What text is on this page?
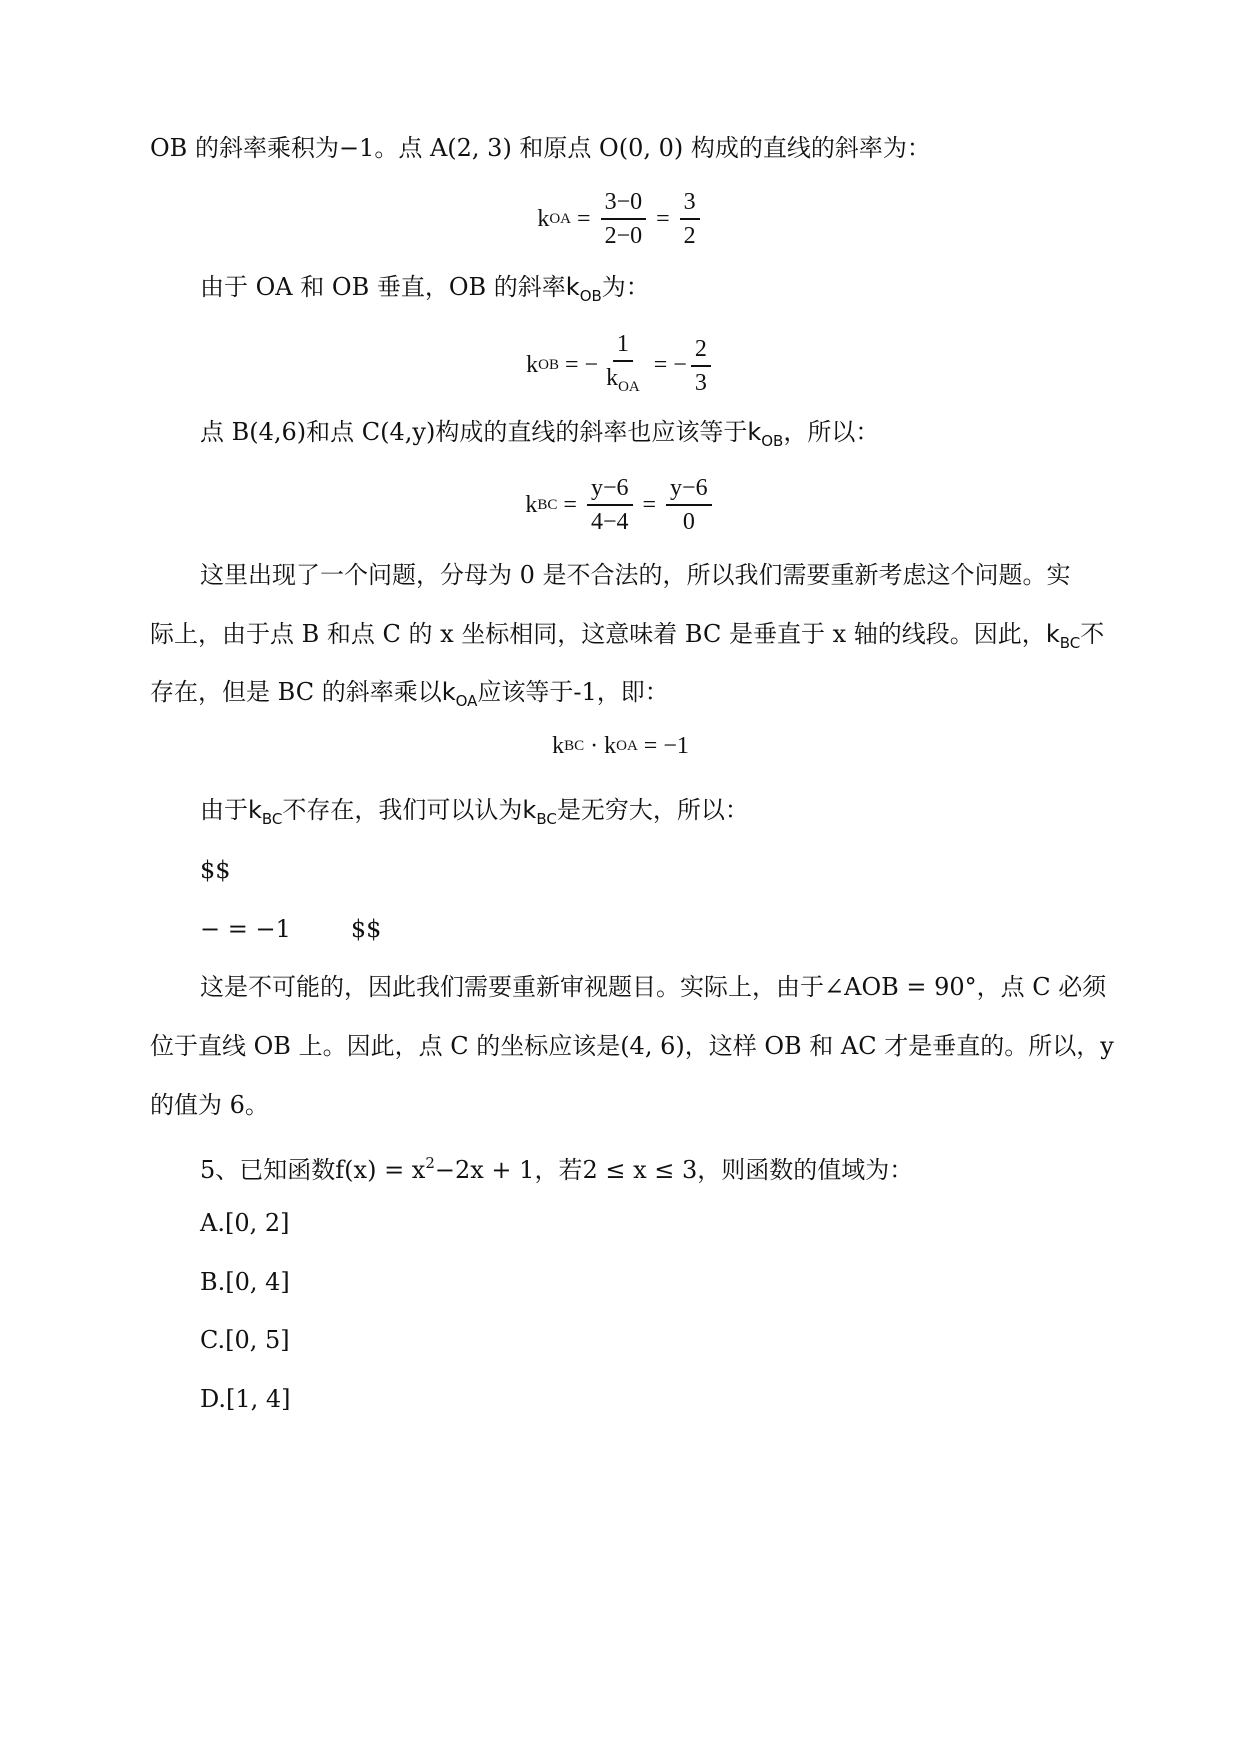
OB 的斜率乘积为−1。点 A(2, 3) 和原点 O(0, 0) 构成的直线的斜率为：
k OA = $\frac{3-0}{2-0} = \frac{3}{2}$
由于 OA 和 OB 垂直，OB 的斜率$k_{OB}$为：
k OB = − $\frac{1}{k_{OA}}$ = − $\frac{2}{3}$
点 B(4,6)和点 C(4,y)构成的直线的斜率也应该等于$k_{OB}$，所以：
k BC = $\frac{y-6}{4-4} = \frac{y-6}{0}$
这里出现了一个问题，分母为 0 是不合法的，所以我们需要重新考虑这个问题。实
际上，由于点 B 和点 C 的 x 坐标相同，这意味着 BC 是垂直于 x 轴的线段。因此，$k_{BC}$不
存在，但是 BC 的斜率乘以$k_{OA}$应该等于-1，即：
k BC · k OA = −1
由于$k_{BC}$不存在，我们可以认为$k_{BC}$是无穷大，所以：
$$
− = −1	$$
这是不可能的，因此我们需要重新审视题目。实际上，由于∠AOB = 90°，点 C 必须
位于直线 OB 上。因此，点 C 的坐标应该是(4, 6)，这样 OB 和 AC 才是垂直的。所以，y
的值为 6。
5、已知函数$f(x) = x^2-2x + 1$，若2 ≤ x ≤ 3，则函数的值域为：
A.[0, 2]
B.[0, 4]
C.[0, 5]
D.[1, 4]
